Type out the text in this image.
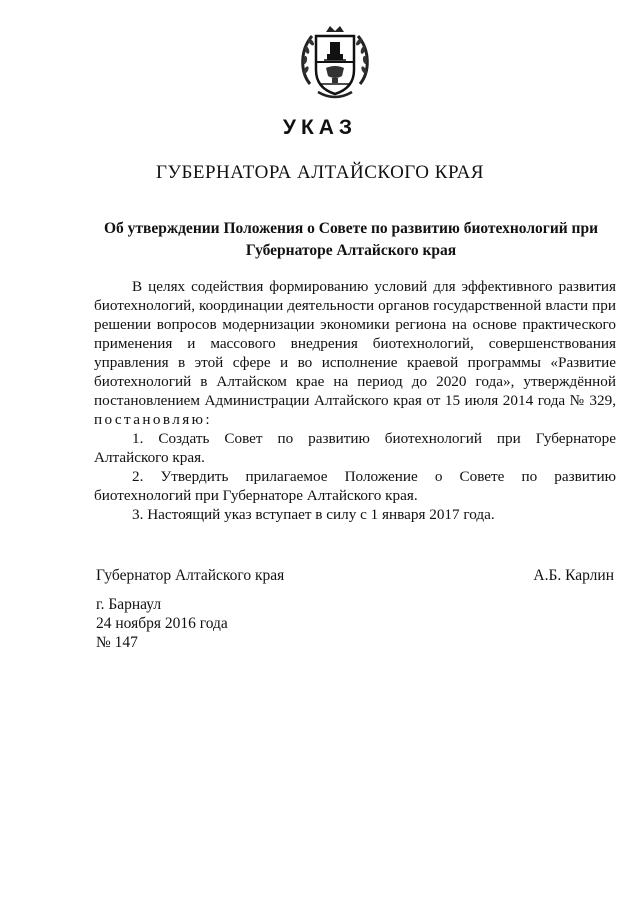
УКАЗ
ГУБЕРНАТОРА АЛТАЙСКОГО КРАЯ
Об утверждении Положения о Совете по развитию биотехнологий при
Губернаторе Алтайского края

В целях содействия формированию условий для эффективного развития биотехнологий, координации деятельности органов государственной власти при решении вопросов модернизации экономики региона на основе практического применения и массового внедрения биотехнологий, совершенствования управления в этой сфере и во исполнение краевой программы «Развитие биотехнологий в Алтайском крае на период до 2020 года», утверждённой постановлением Администрации Алтайского края от 15 июля 2014 года № 329, постановляю:

1. Создать Совет по развитию биотехнологий при Губернаторе Алтайского края.

2. Утвердить прилагаемое Положение о Совете по развитию биотехнологий при Губернаторе Алтайского края.

3. Настоящий указ вступает в силу с 1 января 2017 года.

Губернатор Алтайского края	А.Б. Карлин
г. Барнаул
24 ноября 2016 года
№ 147
